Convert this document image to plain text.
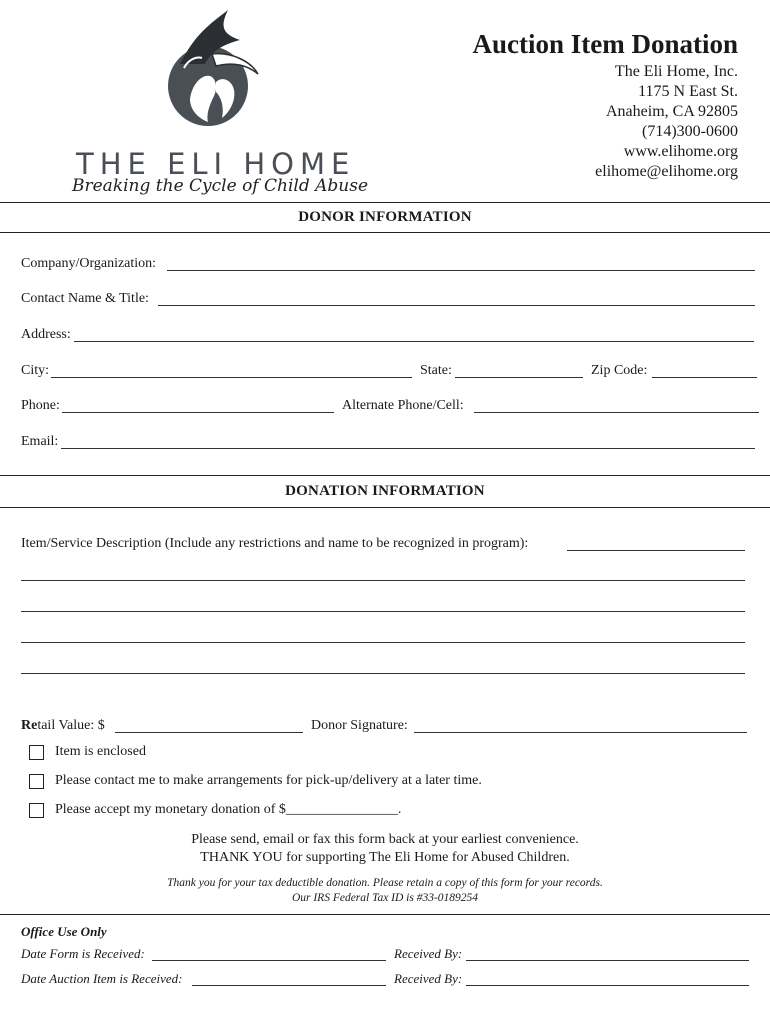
THE ELI HOME
Breaking the Cycle of Child Abuse
Auction Item Donation
The Eli Home, Inc.
1175 N East St.
Anaheim, CA 92805
(714)300-0600
www.elihome.org
elihome@elihome.org
DONOR INFORMATION
Company/Organization:
Contact Name & Title:
Address:
City:	State:	Zip Code:
Phone:	Alternate Phone/Cell:
Email:
DONATION INFORMATION
Item/Service Description (Include any restrictions and name to be recognized in program):
Retail Value: $	Donor Signature:
Item is enclosed
Please contact me to make arrangements for pick-up/delivery at a later time.
Please accept my monetary donation of $________________.
Please send, email or fax this form back at your earliest convenience.
THANK YOU for supporting The Eli Home for Abused Children.
Thank you for your tax deductible donation. Please retain a copy of this form for your records.
Our IRS Federal Tax ID is #33-0189254
Office Use Only
Date Form is Received:	Received By:
Date Auction Item is Received:	Received By:
